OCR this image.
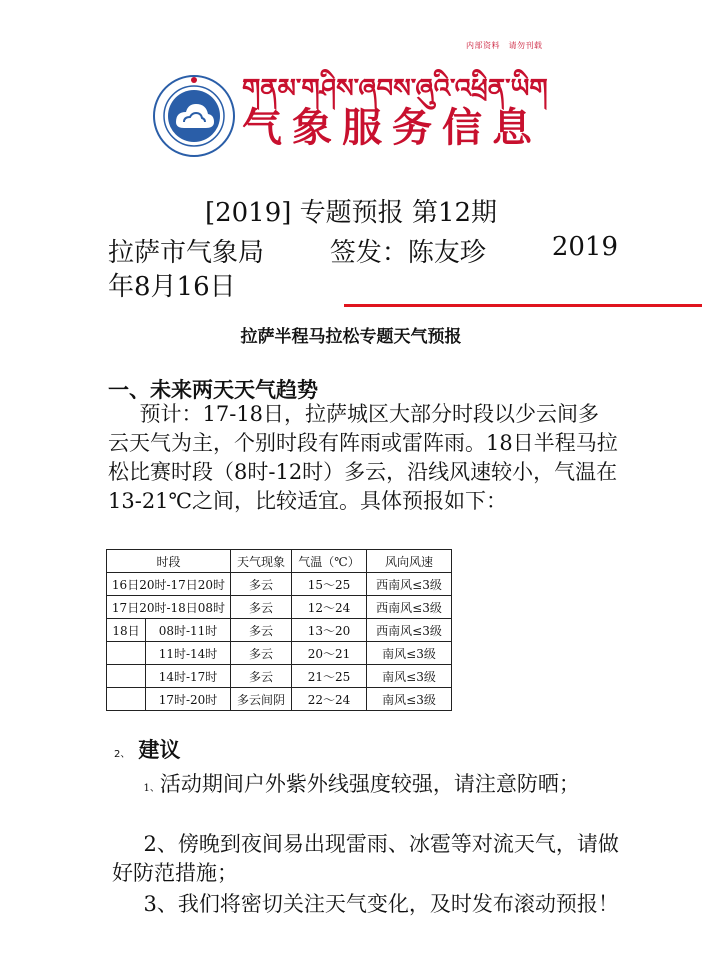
内部资料　请勿刊载
གནམ་གཤིས་ཞབས་ཞུའི་འཕྲིན་ཡིག
气象服务信息
[2019] 专题预报 第12期
拉萨市气象局	签发：陈友珍	2019
年8月16日
拉萨半程马拉松专题天气预报
一、未来两天天气趋势
预计：17-18日，拉萨城区大部分时段以少云间多云天气为主，个别时段有阵雨或雷阵雨。18日半程马拉松比赛时段（8时-12时）多云，沿线风速较小，气温在13-21℃之间，比较适宜。具体预报如下：
时段		天气现象	气温（℃）	风向风速
16日20时-17日20时		多云	15～25	西南风≤3级
17日20时-18日08时		多云	12～24	西南风≤3级
18日	08时-11时	多云	13～20	西南风≤3级
	11时-14时	多云	20～21	南风≤3级
	14时-17时	多云	21～25	南风≤3级
	17时-20时	多云间阴	22～24	南风≤3级
2、 建议
1、活动期间户外紫外线强度较强，请注意防晒；
2、傍晚到夜间易出现雷雨、冰雹等对流天气，请做好防范措施；
3、我们将密切关注天气变化，及时发布滚动预报！
